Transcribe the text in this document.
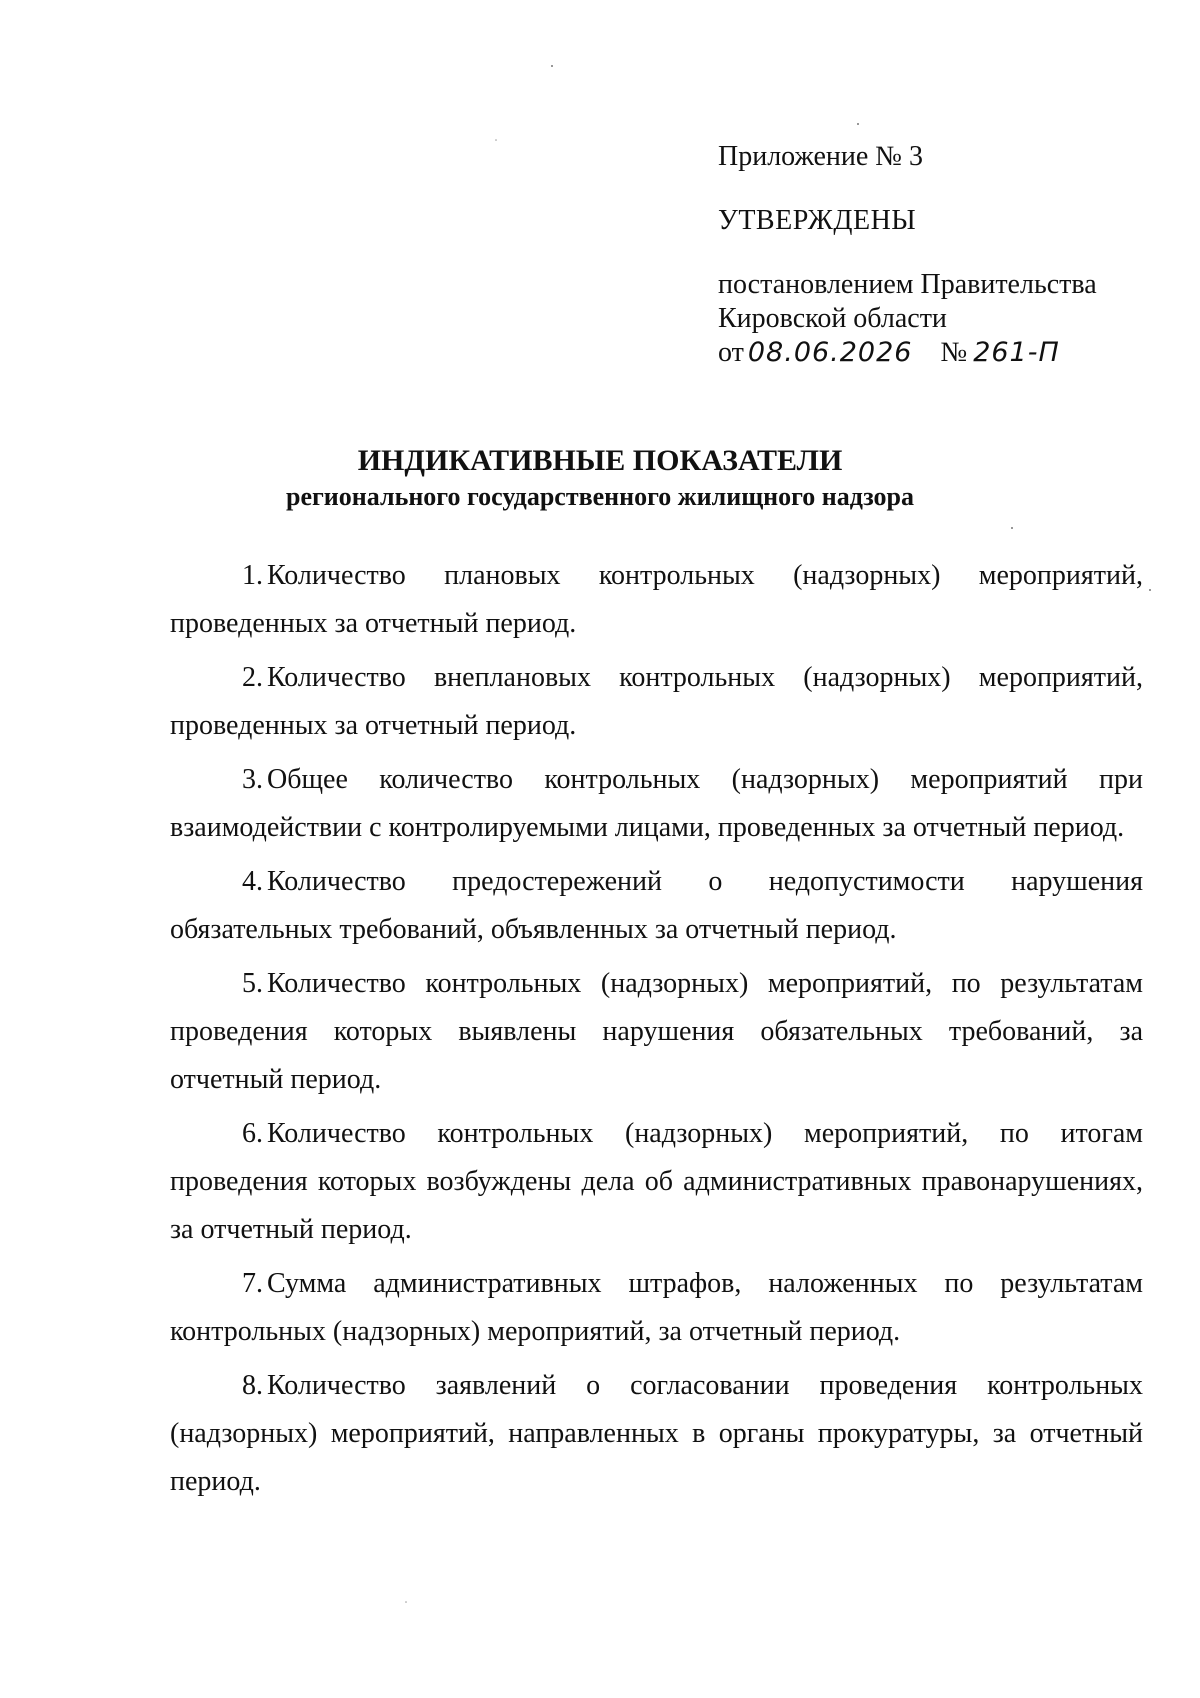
Приложение № 3
УТВЕРЖДЕНЫ
постановлением Правительства
Кировской области
от 08.06.2026 № 261-П
ИНДИКАТИВНЫЕ ПОКАЗАТЕЛИ
регионального государственного жилищного надзора

1. Количество плановых контрольных (надзорных) мероприятий, проведенных за отчетный период.

2. Количество внеплановых контрольных (надзорных) мероприятий, проведенных за отчетный период.

3. Общее количество контрольных (надзорных) мероприятий при взаимодействии с контролируемыми лицами, проведенных за отчетный период.

4. Количество предостережений о недопустимости нарушения обязательных требований, объявленных за отчетный период.

5. Количество контрольных (надзорных) мероприятий, по результатам проведения которых выявлены нарушения обязательных требований, за отчетный период.

6. Количество контрольных (надзорных) мероприятий, по итогам проведения которых возбуждены дела об административных правонарушениях, за отчетный период.

7. Сумма административных штрафов, наложенных по результатам контрольных (надзорных) мероприятий, за отчетный период.

8. Количество заявлений о согласовании проведения контрольных (надзорных) мероприятий, направленных в органы прокуратуры, за отчетный период.
